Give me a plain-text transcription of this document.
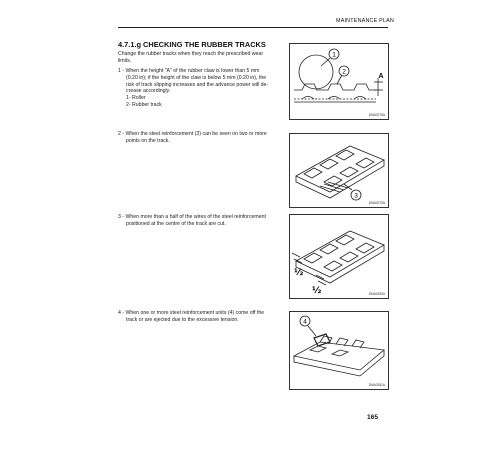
MAINTENANCE PLAN
4.7.1.g CHECKING THE RUBBER TRACKS
Change the rubber tracks when they reach the prescribed wear
limits.
1 - When the height "A" of the rubber claw is lower than 5 mm
(0.20 in); if the height of the claw is below 5 mm (0.20 in), the
risk of track slipping increases and the advance power will de-
crease accordingly.
1- Roller
2- Rubber track
1
2
A
DMA0278A
2 - When the steel reinforcement (3) can be seen on two or more
points on the track.
3
DMA0279A
3 - When more than a half of the wires of the steel reinforcement
positioned at the centre of the track are cut.
½
½	DMA0280A
4 - When one or more steel reinforcement units (4) come off the
track or are ejected due to the excessive tension.	4
DMA0281A
165
